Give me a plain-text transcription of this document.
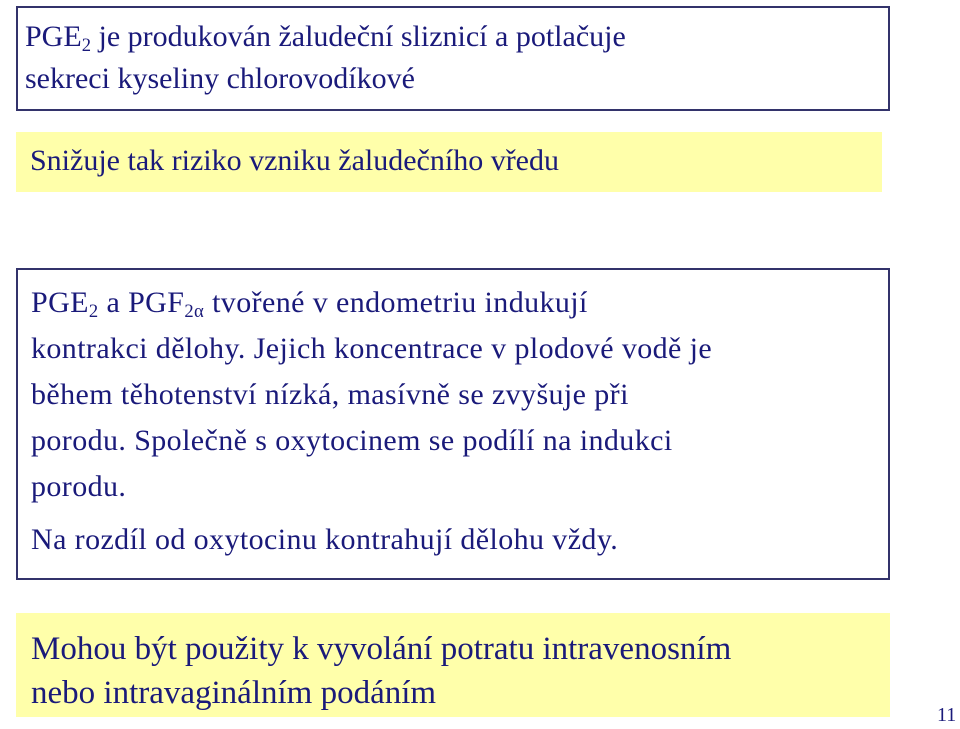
$PGE_2$ je produkován žaludeční sliznicí a potlačuje
sekreci kyseliny chlorovodíkové
Snižuje tak riziko vzniku žaludečního vředu

$PGE_2$ a $PGF_{2\alpha}$ tvořené v endometriu indukují
kontrakci dělohy. Jejich koncentrace v plodové vodě je
během těhotenství nízká, masívně se zvyšuje při
porodu. Společně s oxytocinem se podílí na indukci
porodu.

Na rozdíl od oxytocinu kontrahují dělohu vždy.

Mohou být použity k vyvolání potratu intravenosním
nebo intravaginálním podáním
11
